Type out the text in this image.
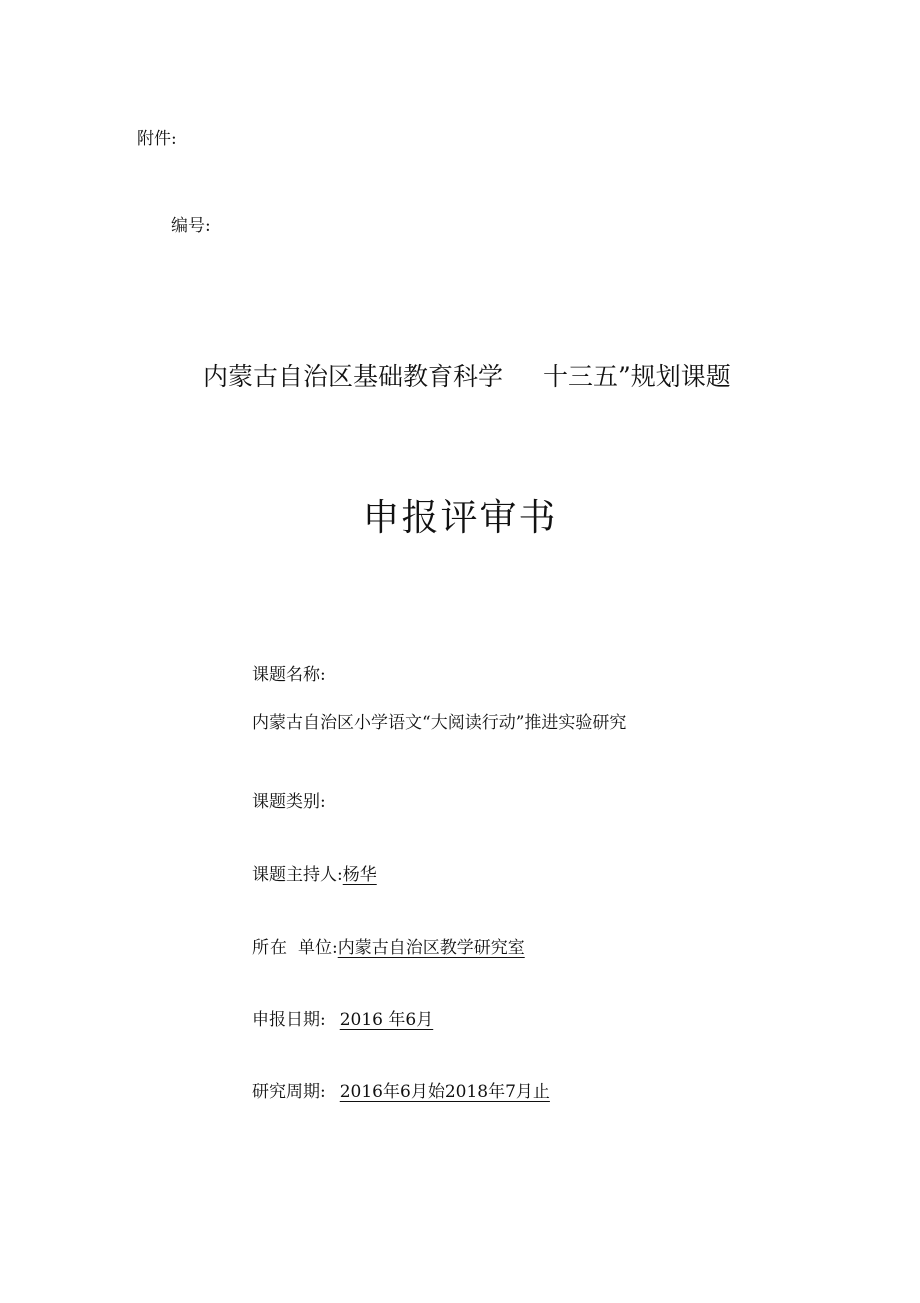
附件:
编号:
内蒙古自治区基础教育科学 十三五”规划课题
申报评审书
课题名称:
内蒙古自治区小学语文“大阅读行动”推进实验研究
课题类别:
课题主持人:杨华
所在 单位:内蒙古自治区教学研究室
申报日期: 2016 年6月
研究周期: 2016年6月始2018年7月止
